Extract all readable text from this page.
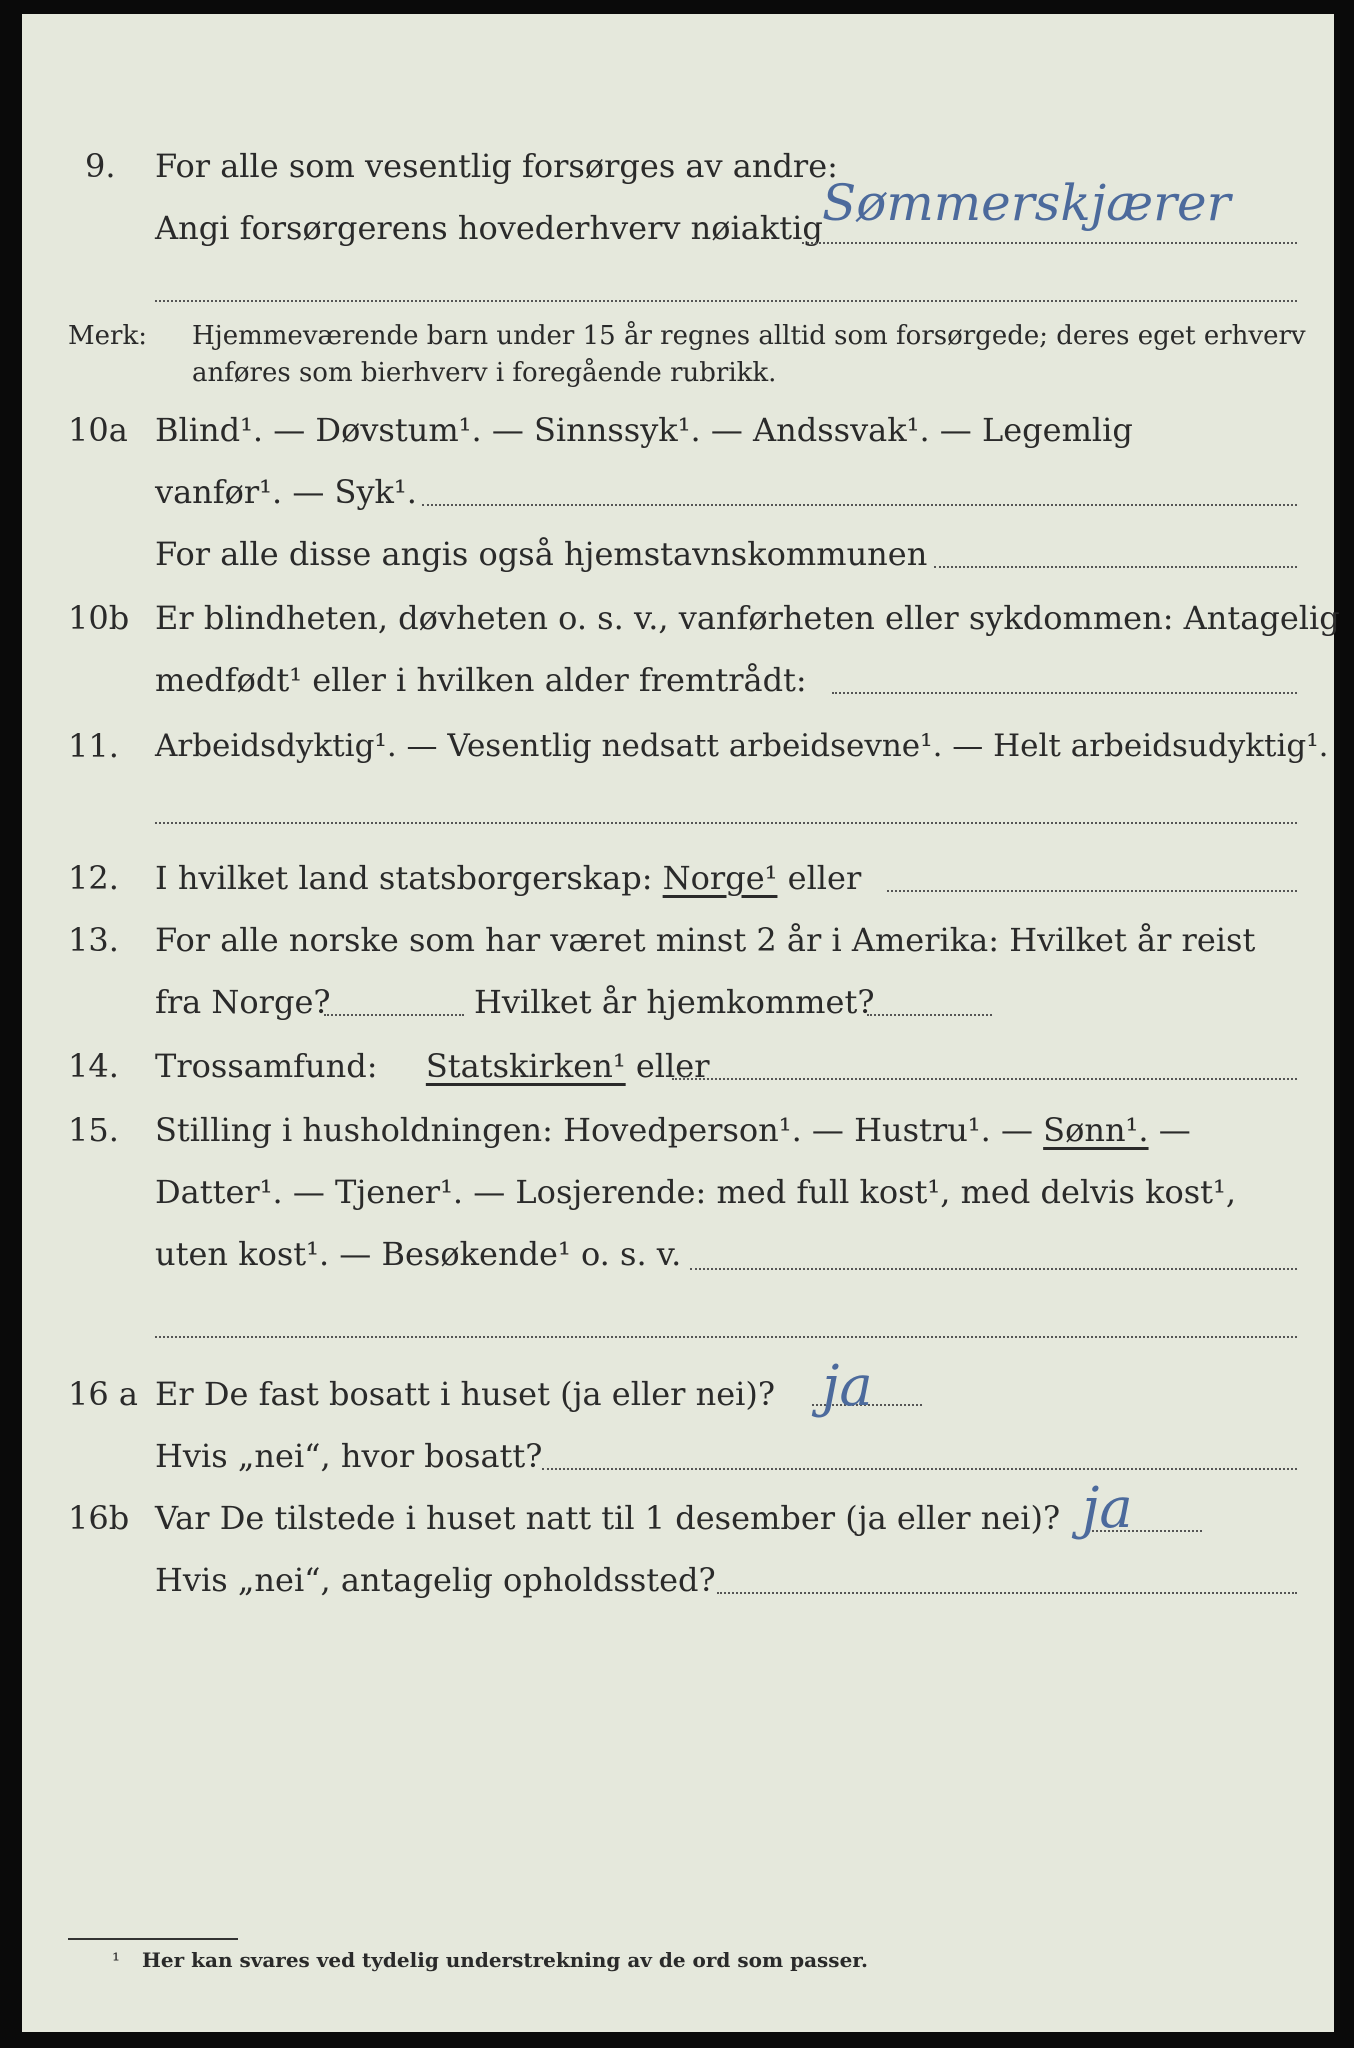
9. For alle som vesentlig forsørges av andre:
Angi forsørgerens hovederhverv nøiaktig Sømmerskjærer
Merk:	Hjemmeværende barn under 15 år regnes alltid som forsørgede; deres eget erhverv
anføres som bierhverv i foregående rubrikk.
10a Blind¹. — Døvstum¹. — Sinnssyk¹. — Andssvak¹. — Legemlig
vanfør¹. — Syk¹.
For alle disse angis også hjemstavnskommunen
10b Er blindheten, døvheten o. s. v., vanførheten eller sykdommen: Antagelig
medfødt¹ eller i hvilken alder fremtrådt:
11. Arbeidsdyktig¹. — Vesentlig nedsatt arbeidsevne¹. — Helt arbeidsudyktig¹.
12. I hvilket land statsborgerskap: Norge¹ eller
13. For alle norske som har været minst 2 år i Amerika: Hvilket år reist
fra Norge?	Hvilket år hjemkommet?
14. Trossamfund: Statskirken¹ eller
15. Stilling i husholdningen: Hovedperson¹. — Hustru¹. — Sønn¹. —
Datter¹. — Tjener¹. — Losjerende: med full kost¹, med delvis kost¹,
uten kost¹. — Besøkende¹ o. s. v.
16 a Er De fast bosatt i huset (ja eller nei)? ja
Hvis „nei“, hvor bosatt?
16b Var De tilstede i huset natt til 1 desember (ja eller nei)? ja
Hvis „nei“, antagelig opholdssted?
¹ Her kan svares ved tydelig understrekning av de ord som passer.
